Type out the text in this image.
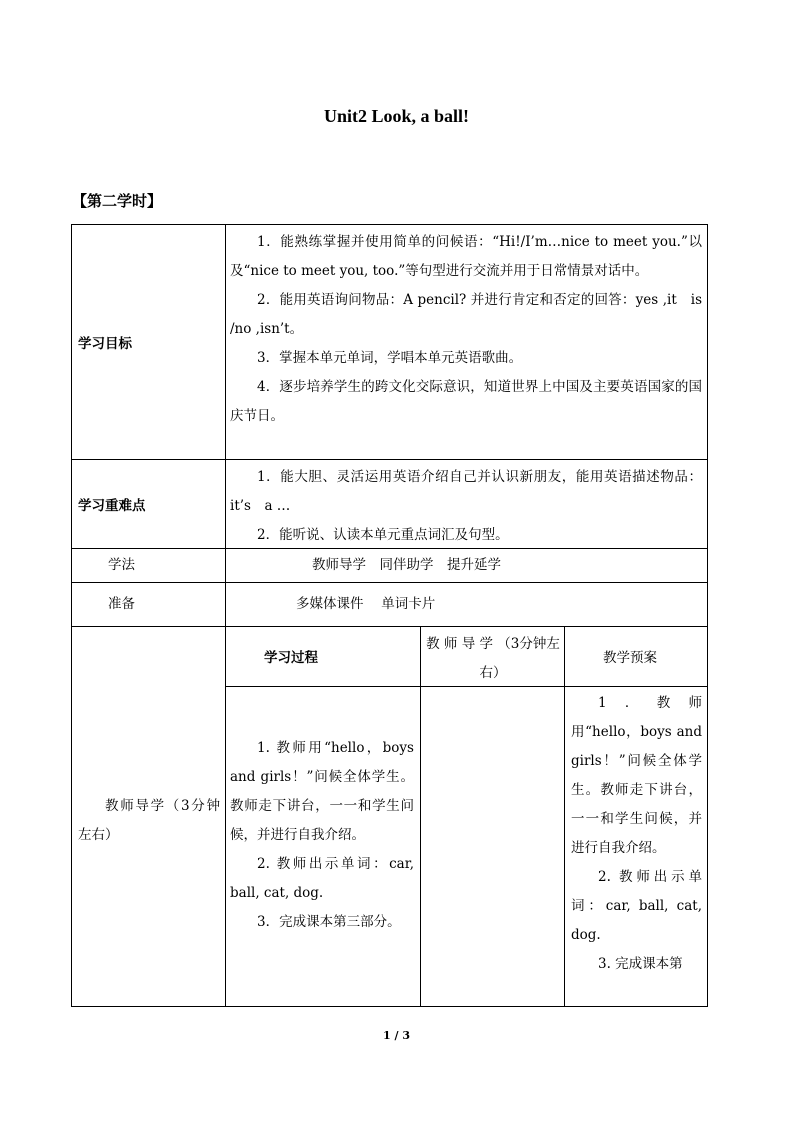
Unit2 Look, a ball!
【第二学时】
学习目标

1．能熟练掌握并使用简单的问候语：“Hi!/I’m…nice to meet you.”以及“nice to meet you, too.”等句型进行交流并用于日常情景对话中。

2．能用英语询问物品：A pencil? 并进行肯定和否定的回答：yes ,it　is /no ,isn’t。

3．掌握本单元单词，学唱本单元英语歌曲。

4．逐步培养学生的跨文化交际意识，知道世界上中国及主要英语国家的国庆节日。

学习重难点

1．能大胆、灵活运用英语介绍自己并认识新朋友，能用英语描述物品：it’s　a …

2．能听说、认读本单元重点词汇及句型。

学法	教师导学　同伴助学　提升延学
准备	多媒体课件　 单词卡片

教师导学（3分钟左右）

学习过程
教 师 导 学 （3分钟左右）
教学预案

1. 教师用“hello，boys and girls！”问候全体学生。教师走下讲台，一一和学生问候，并进行自我介绍。

2. 教师出示单词：car, ball, cat, dog.

3．完成课本第三部分。

1．教师用“hello，boys and girls！”问候全体学生。教师走下讲台，一一和学生问候，并进行自我介绍。

2. 教师出示单词：car, ball, cat, dog.

3. 完成课本第

1 / 3
